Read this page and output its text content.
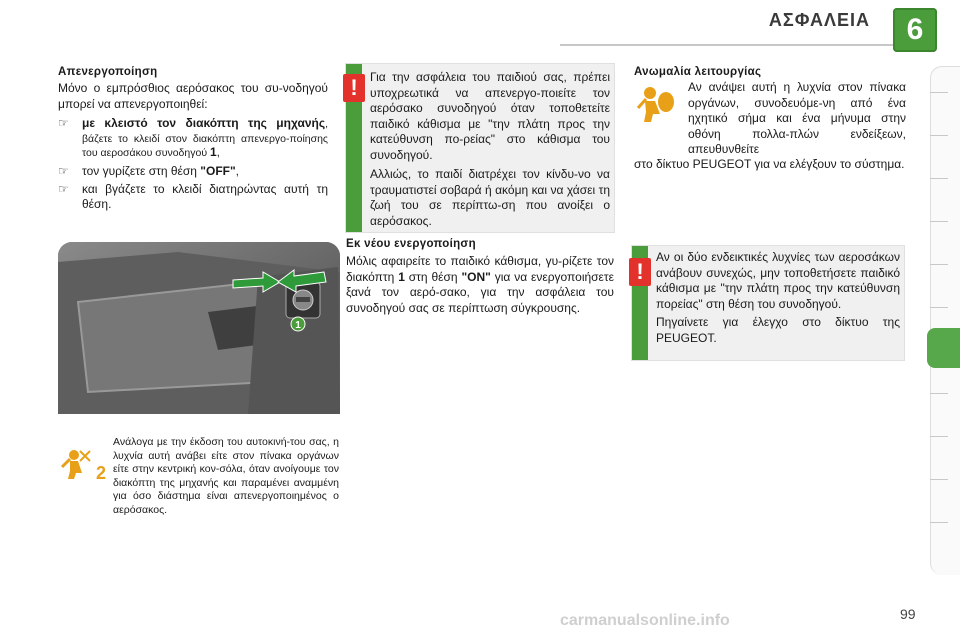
ΑΣΦΑΛΕΙΑ	6
Απενεργοποίηση

Μόνο ο εμπρόσθιος αερόσακος του συ-νοδηγού μπορεί να απενεργοποιηθεί:

☞ με κλειστό τον διακόπτη της μηχανής, βάζετε το κλειδί στον διακόπτη απενεργο-ποίησης του αεροσάκου συνοδηγού 1,
☞ τον γυρίζετε στη θέση "OFF",
☞ και βγάζετε το κλειδί διατηρώντας αυτή τη θέση.
1
2

Ανάλογα με την έκδοση του αυτοκινή-του σας, η λυχνία αυτή ανάβει είτε στον πίνακα οργάνων είτε στην κεντρική κον-σόλα, όταν ανοίγουμε τον διακόπτη της μηχανής και παραμένει αναμμένη για όσο διάστημα είναι απενεργοποιημένος ο αερόσακος.

!	Για την ασφάλεια του παιδιού σας, πρέπει υποχρεωτικά να απενεργο-ποιείτε τον αερόσακο συνοδηγού όταν τοποθετείτε παιδικό κάθισμα με "την πλάτη προς την κατεύθυνση πο-ρείας" στο κάθισμα του συνοδηγού.

Αλλιώς, το παιδί διατρέχει τον κίνδυ-νο να τραυματιστεί σοβαρά ή ακόμη και να χάσει τη ζωή του σε περίπτω-ση που ανοίξει ο αερόσακος.

Εκ νέου ενεργοποίηση

Μόλις αφαιρείτε το παιδικό κάθισμα, γυ-ρίζετε τον διακόπτη 1 στη θέση "ON" για να ενεργοποιήσετε ξανά τον αερό-σακο, για την ασφάλεια του συνοδηγού σας σε περίπτωση σύγκρουσης.

Ανωμαλία λειτουργίας

Αν ανάψει αυτή η λυχνία στον πίνακα οργάνων, συνοδευόμε-νη από ένα ηχητικό σήμα και ένα μήνυμα στην οθόνη πολλα-πλών ενδείξεων, απευθυνθείτε

στο δίκτυο PEUGEOT για να ελέγξουν το σύστημα.

!

Αν οι δύο ενδεικτικές λυχνίες των αεροσάκων ανάβουν συνεχώς, μην τοποθετήσετε παιδικό κάθισμα με "την πλάτη προς την κατεύθυνση πορείας" στη θέση του συνοδηγού.

Πηγαίνετε για έλεγχο στο δίκτυο της PEUGEOT.

carmanualsonline.info	99
